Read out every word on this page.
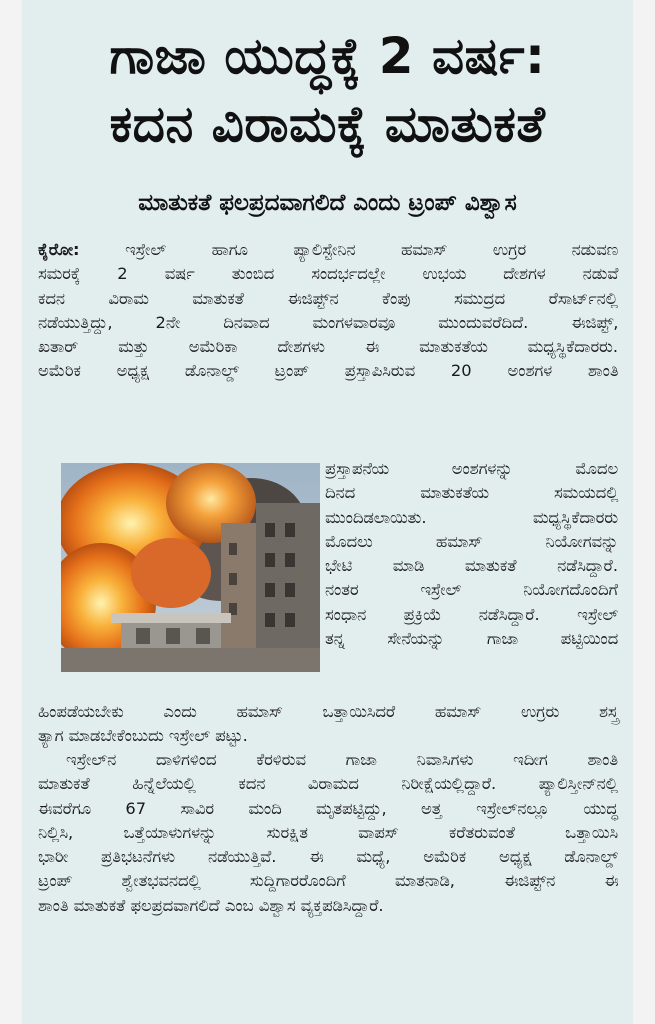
ಗಾಜಾ ಯುದ್ಧಕ್ಕೆ 2 ವರ್ಷ:
ಕದನ ವಿರಾಮಕ್ಕೆ ಮಾತುಕತೆ
ಮಾತುಕತೆ ಫಲಪ್ರದವಾಗಲಿದೆ ಎಂದು ಟ್ರಂಪ್ ವಿಶ್ವಾಸ
ಕೈರೋ:	ಇಸ್ರೇಲ್ ಹಾಗೂ ಪ್ಯಾಲಿಸ್ಟೇನಿನ ಹಮಾಸ್ ಉಗ್ರರ ನಡುವಣ
ಸಮರಕ್ಕೆ 2 ವರ್ಷ ತುಂಬಿದ ಸಂದರ್ಭದಲ್ಲೇ ಉಭಯ ದೇಶಗಳ ನಡುವೆ
ಕದನ ವಿರಾಮ ಮಾತುಕತೆ ಈಜಿಪ್ಟ್‌ನ ಕೆಂಪು ಸಮುದ್ರದ ರೆಸಾರ್ಟ್‌ನಲ್ಲಿ
ನಡೆಯುತ್ತಿದ್ದು, 2ನೇ ದಿನವಾದ ಮಂಗಳವಾರವೂ ಮುಂದುವರೆದಿದೆ. ಈಜಿಪ್ಟ್,
ಖತಾರ್ ಮತ್ತು ಅಮೆರಿಕಾ ದೇಶಗಳು ಈ ಮಾತುಕತೆಯ ಮಧ್ಯಸ್ಥಿಕೆದಾರರು.
ಅಮೆರಿಕ ಅಧ್ಯಕ್ಷ ಡೊನಾಲ್ಡ್ ಟ್ರಂಪ್ ಪ್ರಸ್ತಾಪಿಸಿರುವ 20 ಅಂಶಗಳ ಶಾಂತಿ
ಪ್ರಸ್ತಾಪನೆಯ ಅಂಶಗಳನ್ನು ಮೊದಲ
ದಿನದ ಮಾತುಕತೆಯ ಸಮಯದಲ್ಲಿ
ಮುಂದಿಡಲಾಯಿತು. ಮಧ್ಯಸ್ಥಿಕೆದಾರರು
ಮೊದಲು ಹಮಾಸ್ ನಿಯೋಗವನ್ನು
ಭೇಟಿ ಮಾಡಿ ಮಾತುಕತೆ ನಡೆಸಿದ್ದಾರೆ.
ನಂತರ ಇಸ್ರೇಲ್ ನಿಯೋಗದೊಂದಿಗೆ
ಸಂಧಾನ ಪ್ರಕ್ರಿಯೆ ನಡೆಸಿದ್ದಾರೆ. ಇಸ್ರೇಲ್
ತನ್ನ ಸೇನೆಯನ್ನು ಗಾಜಾ ಪಟ್ಟಿಯಿಂದ
ಹಿಂಪಡೆಯಬೇಕು ಎಂದು ಹಮಾಸ್ ಒತ್ತಾಯಿಸಿದರೆ ಹಮಾಸ್ ಉಗ್ರರು ಶಸ್ತ್ರ
ತ್ಯಾಗ ಮಾಡಬೇಕೆಂಬುದು ಇಸ್ರೇಲ್ ಪಟ್ಟು.
ಇಸ್ರೇಲ್‌ನ ದಾಳಿಗಳಿಂದ ಕೆರಳಿರುವ ಗಾಜಾ ನಿವಾಸಿಗಳು ಇದೀಗ ಶಾಂತಿ
ಮಾತುಕತೆ ಹಿನ್ನೆಲೆಯಲ್ಲಿ ಕದನ ವಿರಾಮದ ನಿರೀಕ್ಷೆಯಲ್ಲಿದ್ದಾರೆ. ಪ್ಯಾಲಿಸ್ತೀನ್‌ನಲ್ಲಿ
ಈವರೆಗೂ 67 ಸಾವಿರ ಮಂದಿ ಮೃತಪಟ್ಟಿದ್ದು, ಅತ್ತ ಇಸ್ರೇಲ್‌ನಲ್ಲೂ ಯುದ್ಧ
ನಿಲ್ಲಿಸಿ, ಒತ್ತೆಯಾಳುಗಳನ್ನು ಸುರಕ್ಷಿತ ವಾಪಸ್ ಕರೆತರುವಂತೆ ಒತ್ತಾಯಿಸಿ
ಭಾರೀ ಪ್ರತಿಭಟನೆಗಳು ನಡೆಯುತ್ತಿವೆ. ಈ ಮಧ್ಯೆ, ಅಮೆರಿಕ ಅಧ್ಯಕ್ಷ ಡೊನಾಲ್ಡ್
ಟ್ರಂಪ್ ಶ್ವೇತಭವನದಲ್ಲಿ ಸುದ್ದಿಗಾರರೊಂದಿಗೆ ಮಾತನಾಡಿ, ಈಜಿಪ್ಟ್‌ನ ಈ
ಶಾಂತಿ ಮಾತುಕತೆ ಫಲಪ್ರದವಾಗಲಿದೆ ಎಂಬ ವಿಶ್ವಾಸ ವ್ಯಕ್ತಪಡಿಸಿದ್ದಾರೆ.
